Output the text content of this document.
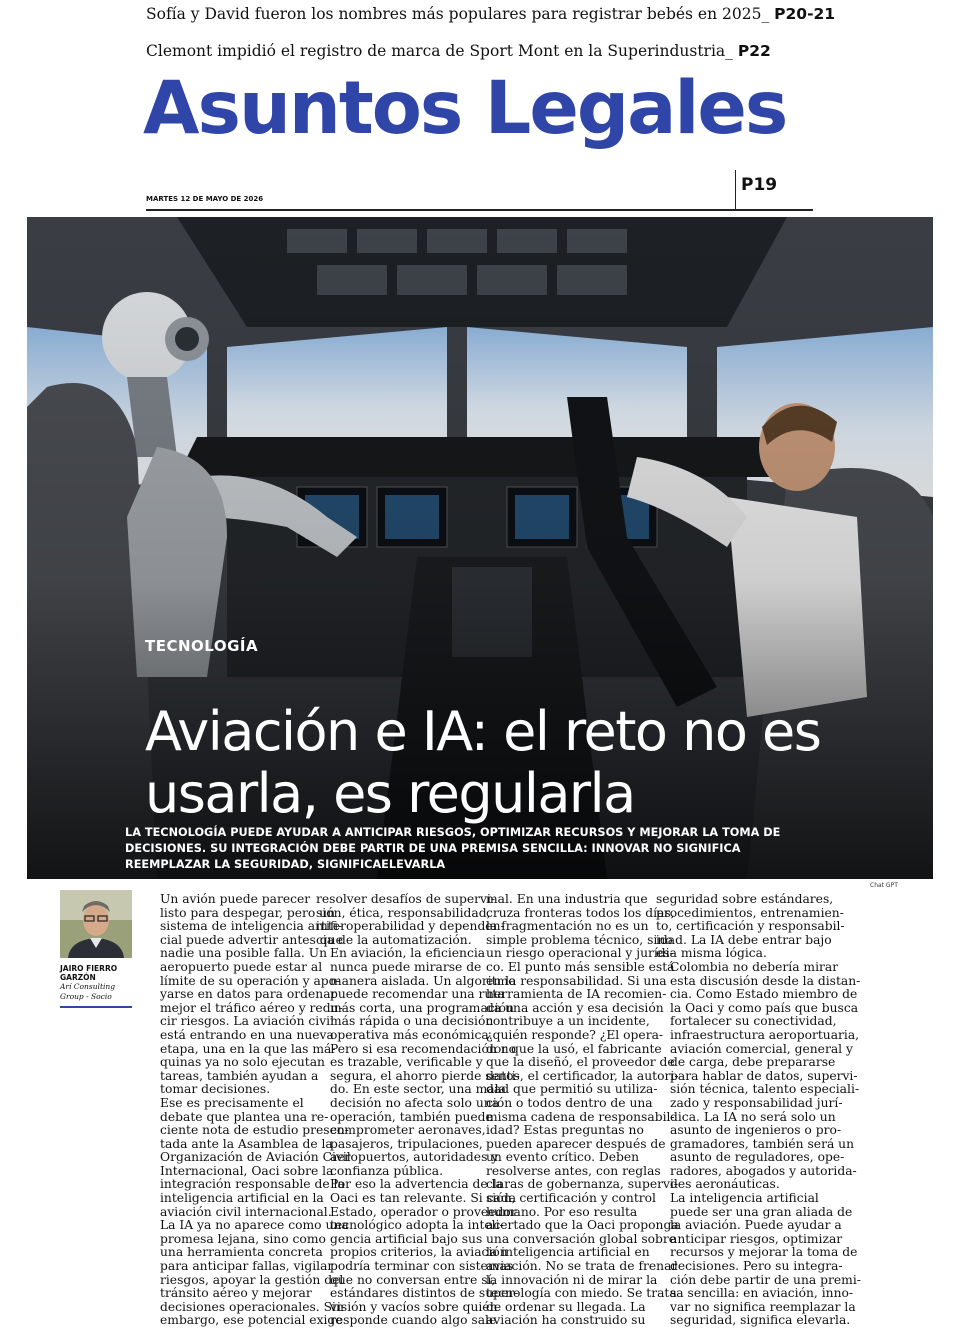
Sofía y David fueron los nombres más populares para registrar bebés en 2025_ P20-21
Clemont impidió el registro de marca de Sport Mont en la Superindustria_ P22
Asuntos Legales
P19
MARTES 12 DE MAYO DE 2026
TECNOLOGÍA
Aviación e IA: el reto no es usarla, es regularla
LA TECNOLOGÍA PUEDE AYUDAR A ANTICIPAR RIESGOS, OPTIMIZAR RECURSOS Y MEJORAR LA TOMA DE DECISIONES. SU INTEGRACIÓN DEBE PARTIR DE UNA PREMISA SENCILLA: INNOVAR NO SIGNIFICA REEMPLAZAR LA SEGURIDAD, SIGNIFICAELEVARLA
Chat GPT
JAIRO FIERRO GARZÓN
Arí Consulting Group - Socio

Un avión puede parecer
listo para despegar, pero un
sistema de inteligencia artifi-
cial puede advertir antes que
nadie una posible falla. Un
aeropuerto puede estar al
límite de su operación y apo-
yarse en datos para ordenar
mejor el tráfico aéreo y redu-
cir riesgos. La aviación civil
está entrando en una nueva
etapa, una en la que las má-
quinas ya no solo ejecutan
tareas, también ayudan a
tomar decisiones.

Ese es precisamente el
debate que plantea una re-
ciente nota de estudio presen-
tada ante la Asamblea de la
Organización de Aviación Civil
Internacional, Oaci sobre la
integración responsable de la
inteligencia artificial en la
aviación civil internacional.
La IA ya no aparece como una
promesa lejana, sino como
una herramienta concreta
para anticipar fallas, vigilar
riesgos, apoyar la gestión del
tránsito aéreo y mejorar
decisiones operacionales. Sin
embargo, ese potencial exige

resolver desafíos de supervi-
sión, ética, responsabilidad,
interoperabilidad y dependen-
cia de la automatización.

En aviación, la eficiencia
nunca puede mirarse de
manera aislada. Un algoritmo
puede recomendar una ruta
más corta, una programación
más rápida o una decisión
operativa más económica.
Pero si esa recomendación no
es trazable, verificable y
segura, el ahorro pierde senti-
do. En este sector, una mala
decisión no afecta solo una
operación, también puede
comprometer aeronaves,
pasajeros, tripulaciones,
aeropuertos, autoridades y
confianza pública.

Por eso la advertencia de la
Oaci es tan relevante. Si cada
Estado, operador o proveedor
tecnológico adopta la inteli-
gencia artificial bajo sus
propios criterios, la aviación
podría terminar con sistemas
que no conversan entre sí,
estándares distintos de super-
visión y vacíos sobre quién
responde cuando algo sale

mal. En una industria que
cruza fronteras todos los días,
la fragmentación no es un
simple problema técnico, sino
un riesgo operacional y jurídi-
co. El punto más sensible está
en la responsabilidad. Si una
herramienta de IA recomien-
da una acción y esa decisión
contribuye a un incidente,
¿quién responde? ¿El opera-
dor que la usó, el fabricante
que la diseñó, el proveedor de
datos, el certificador, la autori-
dad que permitió su utiliza-
ción o todos dentro de una
misma cadena de responsabil-
idad? Estas preguntas no
pueden aparecer después de
un evento crítico. Deben
resolverse antes, con reglas
claras de gobernanza, supervi-
sión, certificación y control
humano. Por eso resulta
acertado que la Oaci proponga
una conversación global sobre
la inteligencia artificial en
aviación. No se trata de frenar
la innovación ni de mirar la
tecnología con miedo. Se trata
de ordenar su llegada. La
aviación ha construido su

seguridad sobre estándares,
procedimientos, entrenamien-
to, certificación y responsabil-
idad. La IA debe entrar bajo
esa misma lógica.

Colombia no debería mirar
esta discusión desde la distan-
cia. Como Estado miembro de
la Oaci y como país que busca
fortalecer su conectividad,
infraestructura aeroportuaria,
aviación comercial, general y
de carga, debe prepararse
para hablar de datos, supervi-
sión técnica, talento especiali-
zado y responsabilidad jurí-
dica. La IA no será solo un
asunto de ingenieros o pro-
gramadores, también será un
asunto de reguladores, ope-
radores, abogados y autorida-
des aeronáuticas.

La inteligencia artificial
puede ser una gran aliada de
la aviación. Puede ayudar a
anticipar riesgos, optimizar
recursos y mejorar la toma de
decisiones. Pero su integra-
ción debe partir de una premi-
sa sencilla: en aviación, inno-
var no significa reemplazar la
seguridad, significa elevarla.
